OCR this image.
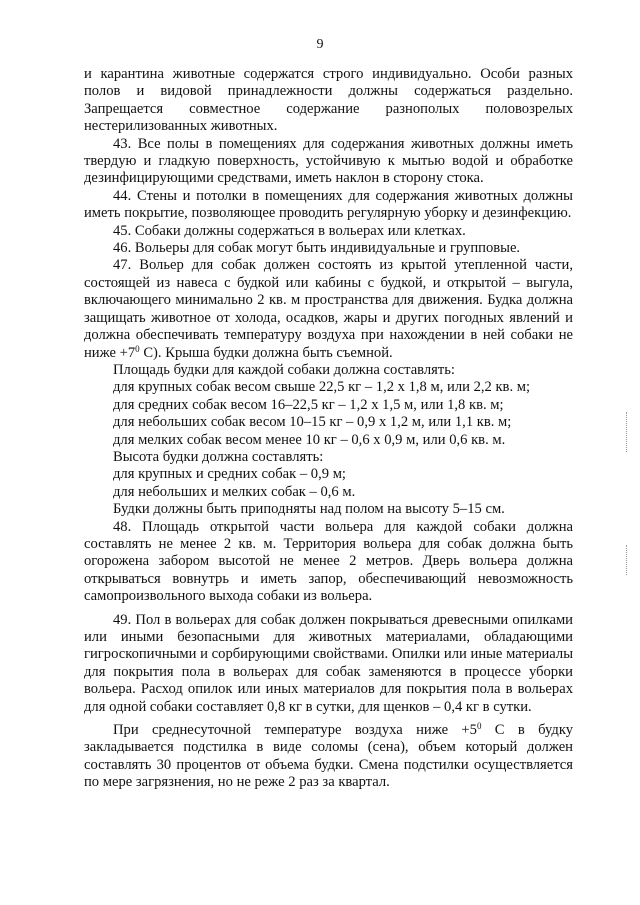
9

и карантина животные содержатся строго индивидуально. Особи разных полов и видовой принадлежности должны содержаться раздельно. Запрещается совместное содержание разнополых половозрелых нестерилизованных животных.

43. Все полы в помещениях для содержания животных должны иметь твердую и гладкую поверхность, устойчивую к мытью водой и обработке дезинфицирующими средствами, иметь наклон в сторону стока.

44. Стены и потолки в помещениях для содержания животных должны иметь покрытие, позволяющее проводить регулярную уборку и дезинфекцию.

45. Собаки должны содержаться в вольерах или клетках.

46. Вольеры для собак могут быть индивидуальные и групповые.

47. Вольер для собак должен состоять из крытой утепленной части, состоящей из навеса с будкой или кабины с будкой, и открытой – выгула, включающего минимально 2 кв. м пространства для движения. Будка должна защищать животное от холода, осадков, жары и других погодных явлений и должна обеспечивать температуру воздуха при нахождении в ней собаки не ниже $+7^0$ С). Крыша будки должна быть съемной.

Площадь будки для каждой собаки должна составлять:

для крупных собак весом свыше 22,5 кг – 1,2 х 1,8 м, или 2,2 кв. м;

для средних собак весом 16–22,5 кг – 1,2 х 1,5 м, или 1,8 кв. м;

для небольших собак весом 10–15 кг – 0,9 х 1,2 м, или 1,1 кв. м;

для мелких собак весом менее 10 кг – 0,6 х 0,9 м, или 0,6 кв. м.

Высота будки должна составлять:

для крупных и средних собак – 0,9 м;

для небольших и мелких собак – 0,6 м.

Будки должны быть приподняты над полом на высоту 5–15 см.

48. Площадь открытой части вольера для каждой собаки должна составлять не менее 2 кв. м. Территория вольера для собак должна быть огорожена забором высотой не менее 2 метров. Дверь вольера должна открываться вовнутрь и иметь запор, обеспечивающий невозможность самопроизвольного выхода собаки из вольера.

49. Пол в вольерах для собак должен покрываться древесными опилками или иными безопасными для животных материалами, обладающими гигроскопичными и сорбирующими свойствами. Опилки или иные материалы для покрытия пола в вольерах для собак заменяются в процессе уборки вольера. Расход опилок или иных материалов для покрытия пола в вольерах для одной собаки составляет 0,8 кг в сутки, для щенков – 0,4 кг в сутки.

При среднесуточной температуре воздуха ниже $+5^0$ С в будку закладывается подстилка в виде соломы (сена), объем который должен составлять 30 процентов от объема будки. Смена подстилки осуществляется по мере загрязнения, но не реже 2 раз за квартал.
